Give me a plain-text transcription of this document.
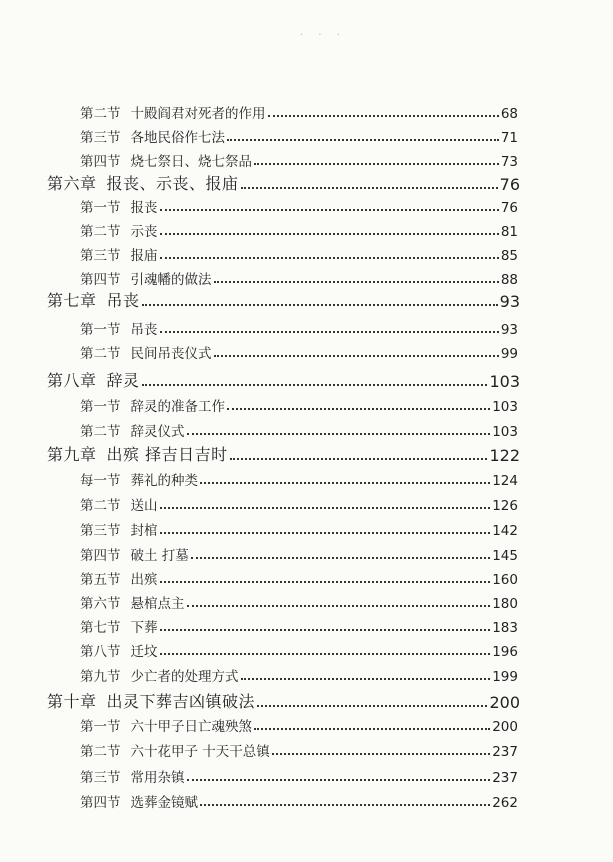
· · ·
第二节 十殿阎君对死者的作用	68
第三节 各地民俗作七法	71
第四节 烧七祭日、烧七祭品	73
第六章 报丧、示丧、报庙	76
第一节 报丧	76
第二节 示丧	81
第三节 报庙	85
第四节 引魂幡的做法	88
第七章 吊丧	93
第一节 吊丧	93
第二节 民间吊丧仪式	99
第八章 辞灵	103
第一节 辞灵的准备工作	103
第二节 辞灵仪式	103
第九章 出殡 择吉日吉时	122
每一节 葬礼的种类	124
第二节 送山	126
第三节 封棺	142
第四节 破土 打墓	145
第五节 出殡	160
第六节 悬棺点主	180
第七节 下葬	183
第八节 迁坟	196
第九节 少亡者的处理方式	199
第十章 出灵下葬吉凶镇破法	200
第一节 六十甲子日亡魂殃煞	200
第二节 六十花甲子 十天干总镇	237
第三节 常用杂镇	237
第四节 选葬金镜赋	262
